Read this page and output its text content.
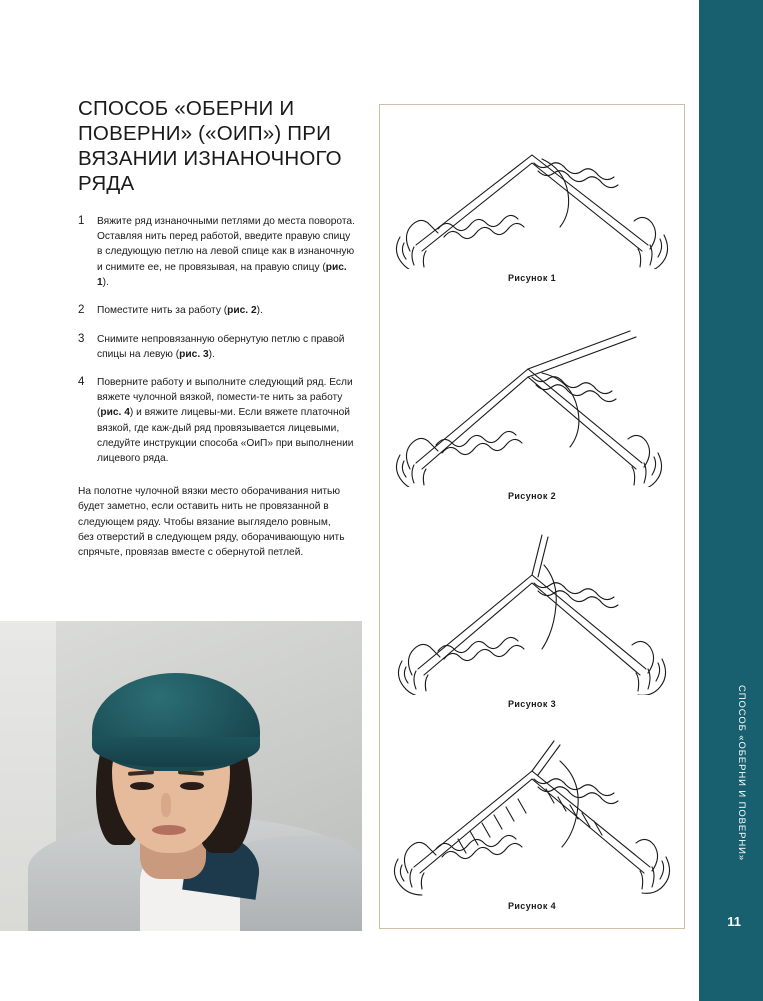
СПОСОБ «ОБЕРНИ И ПОВЕРНИ»
11
СПОСОБ «ОБЕРНИ И ПОВЕРНИ» («ОИП») ПРИ ВЯЗАНИИ ИЗНАНОЧНОГО РЯДА
1	Вяжите ряд изнаночными петлями до места поворота. Оставляя нить перед работой, введите правую спицу в следующую петлю на левой спице как в изнаночную и снимите ее, не провязывая, на правую спицу (рис. 1).
2	Поместите нить за работу (рис. 2).
3	Снимите непровязанную обернутую петлю с правой спицы на левую (рис. 3).
4	Поверните работу и выполните следующий ряд. Если вяжете чулочной вязкой, помести-те нить за работу (рис. 4) и вяжите лицевы-ми. Если вяжете платочной вязкой, где каж-дый ряд провязывается лицевыми, следуйте инструкции способа «ОиП» при выполнении лицевого ряда.
На полотне чулочной вязки место оборачивания нитью будет заметно, если оставить нить не провязанной в следующем ряду. Чтобы вязание выглядело ровным, без отверстий в следующем ряду, оборачивающую нить спрячьте, провязав вместе с обернутой петлей.
Рисунок 1
Рисунок 2
Рисунок 3
Рисунок 4
